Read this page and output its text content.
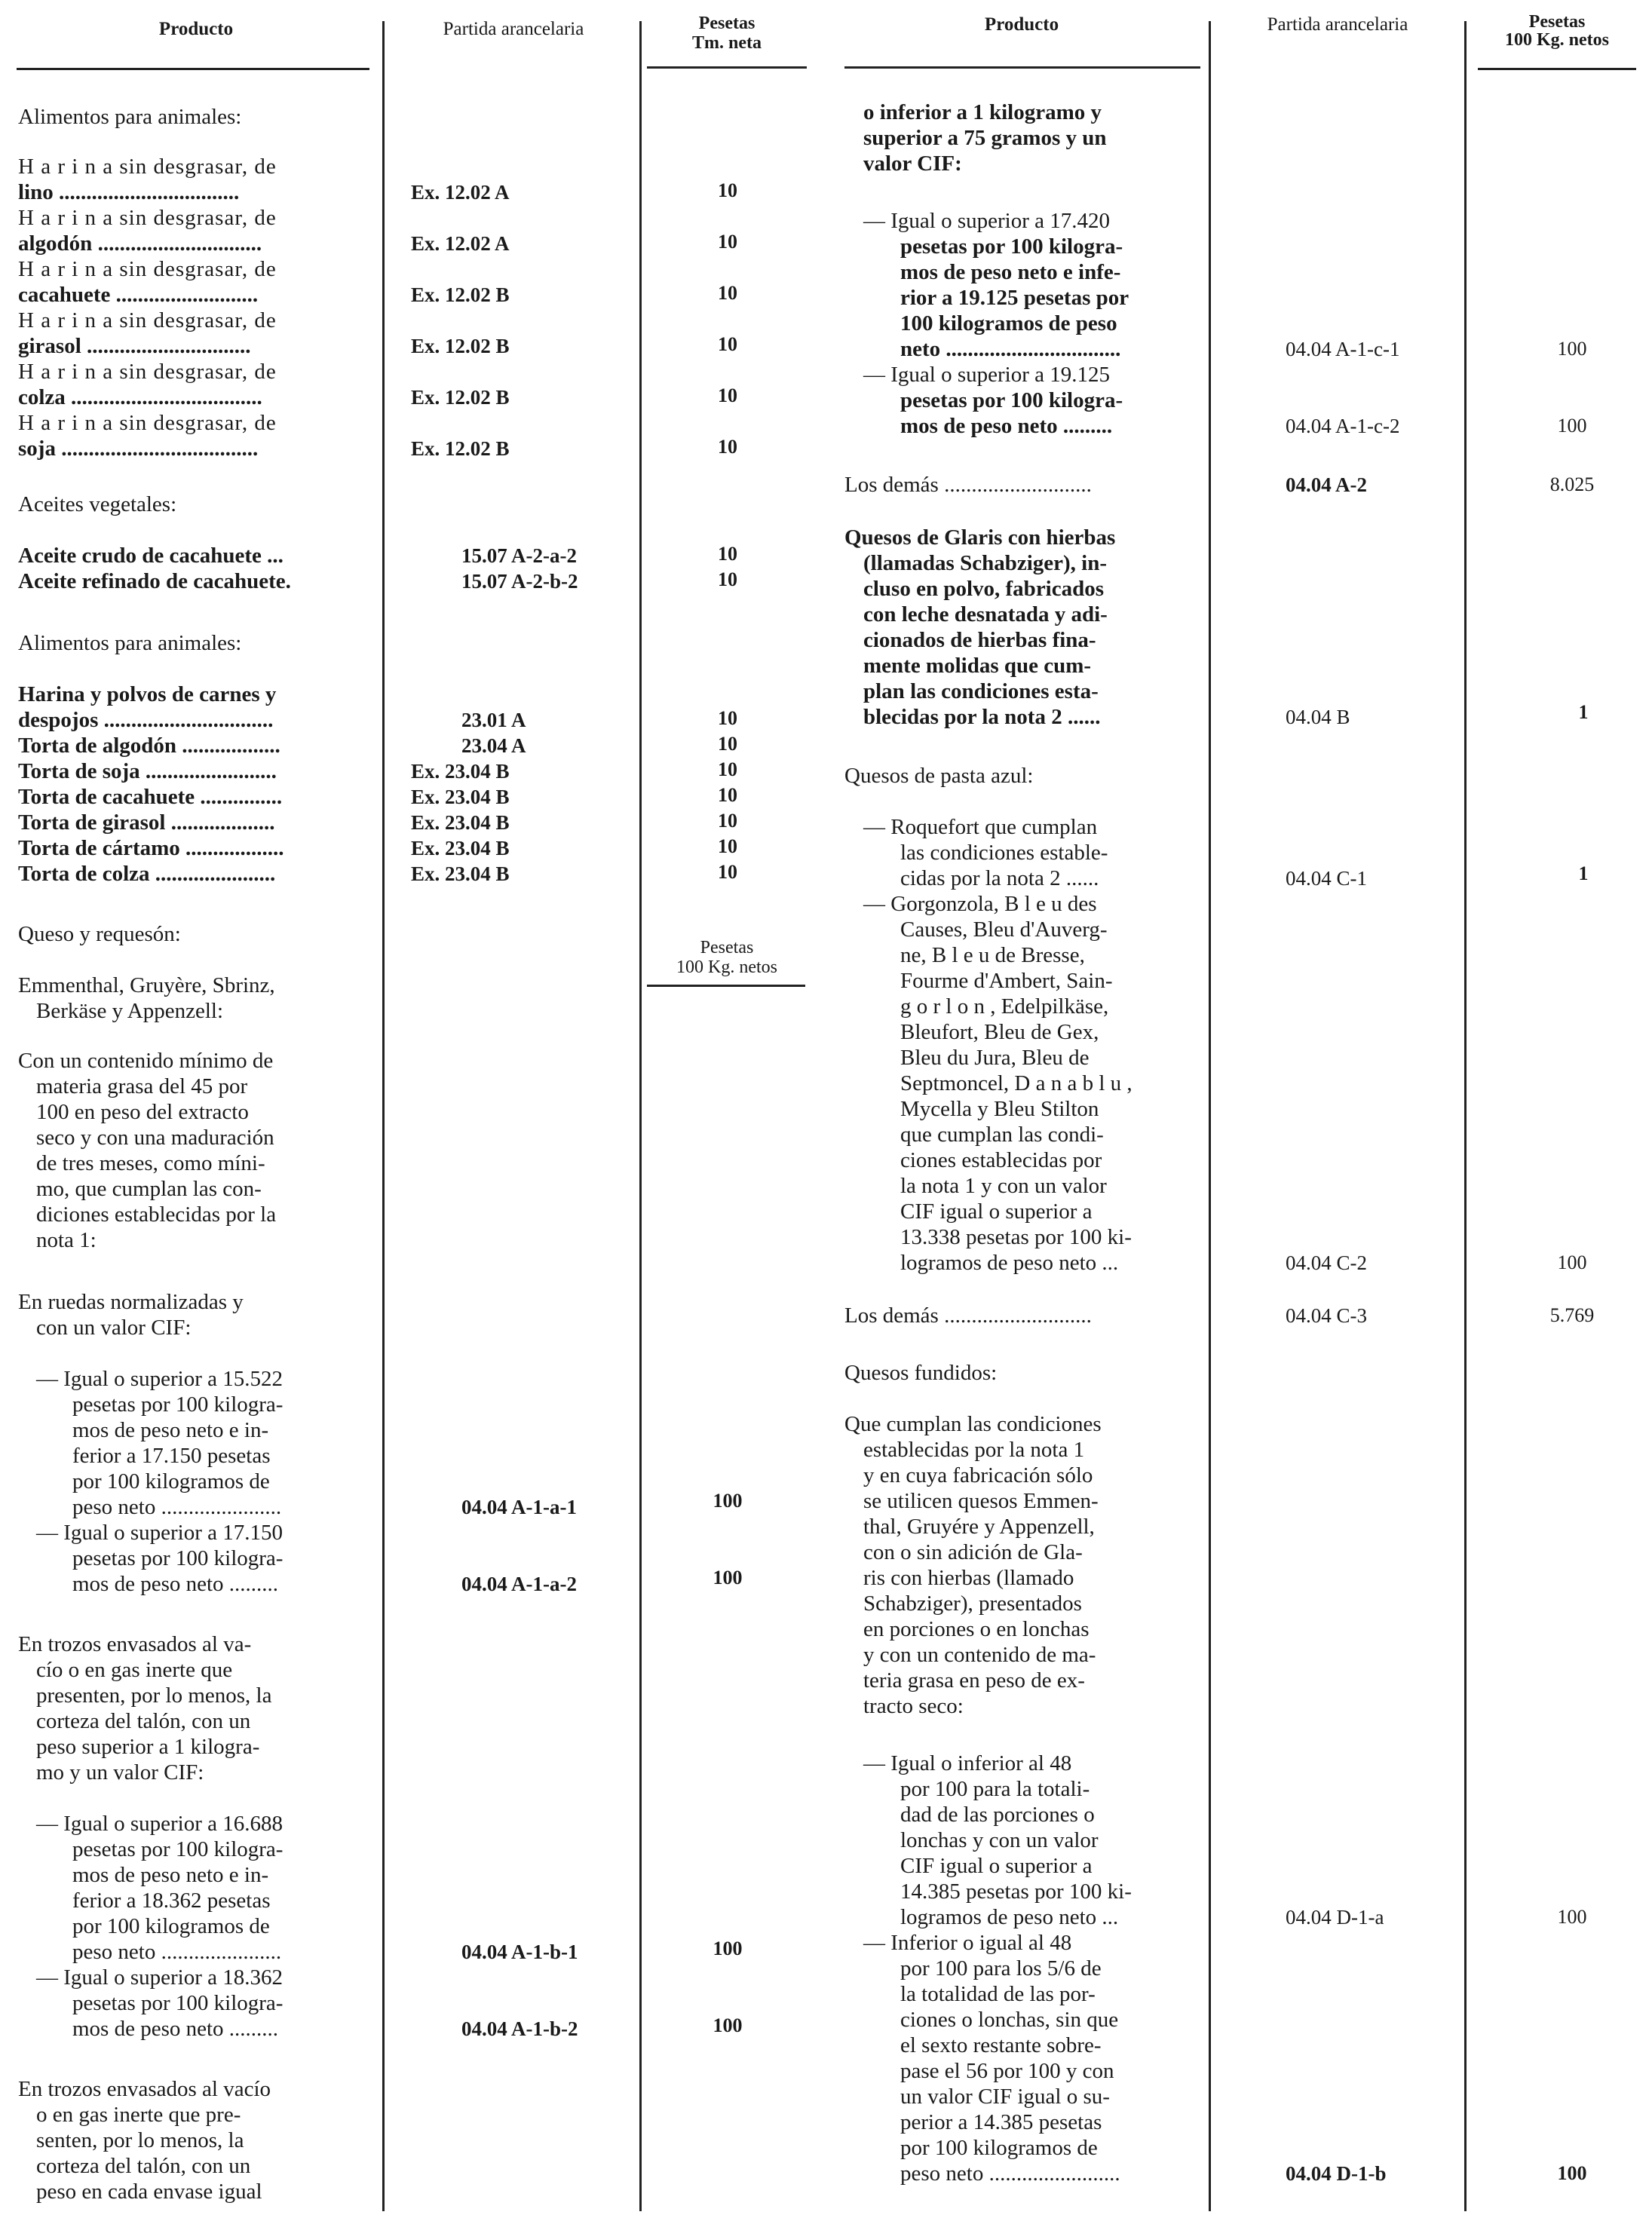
Producto	Partida arancelaria	Pesetas
Tm. neta
Producto	Partida arancelaria	Pesetas
100 Kg. netos
Pesetas
100 Kg. netos
Alimentos para animales:
H a r i n a sin desgrasar, de
lino .................................	Ex. 12.02 A	10
H a r i n a sin desgrasar, de
algodón ..............................	Ex. 12.02 A	10
H a r i n a sin desgrasar, de
cacahuete ..........................	Ex. 12.02 B	10
H a r i n a sin desgrasar, de
girasol ..............................	Ex. 12.02 B	10
H a r i n a sin desgrasar, de
colza ...................................	Ex. 12.02 B	10
H a r i n a sin desgrasar, de
soja ....................................	Ex. 12.02 B	10
Aceites vegetales:
Aceite crudo de cacahuete ...	15.07 A-2-a-2	10
Aceite refinado de cacahuete.	15.07 A-2-b-2	10
Alimentos para animales:
Harina y polvos de carnes y
despojos ...............................	23.01 A	10
Torta de algodón ..................	23.04 A	10
Torta de soja ........................	Ex. 23.04 B	10
Torta de cacahuete ...............	Ex. 23.04 B	10
Torta de girasol ...................	Ex. 23.04 B	10
Torta de cártamo ..................	Ex. 23.04 B	10
Torta de colza ......................	Ex. 23.04 B	10
Queso y requesón:
Emmenthal, Gruyère, Sbrinz,
Berkäse y Appenzell:
Con un contenido mínimo de
materia grasa del 45 por
100 en peso del extracto
seco y con una maduración
de tres meses, como míni-
mo, que cumplan las con-
diciones establecidas por la
nota 1:
En ruedas normalizadas y
con un valor CIF:
— Igual o superior a 15.522
pesetas por 100 kilogra-
mos de peso neto e in-
ferior a 17.150 pesetas
por 100 kilogramos de
peso neto ......................	04.04 A-1-a-1	100
— Igual o superior a 17.150
pesetas por 100 kilogra-
mos de peso neto .........	04.04 A-1-a-2	100
En trozos envasados al va-
cío o en gas inerte que
presenten, por lo menos, la
corteza del talón, con un
peso superior a 1 kilogra-
mo y un valor CIF:
— Igual o superior a 16.688
pesetas por 100 kilogra-
mos de peso neto e in-
ferior a 18.362 pesetas
por 100 kilogramos de
peso neto ......................	04.04 A-1-b-1	100
— Igual o superior a 18.362
pesetas por 100 kilogra-
mos de peso neto .........	04.04 A-1-b-2	100
En trozos envasados al vacío
o en gas inerte que pre-
senten, por lo menos, la
corteza del talón, con un
peso en cada envase igual
o inferior a 1 kilogramo y
superior a 75 gramos y un
valor CIF:
— Igual o superior a 17.420
pesetas por 100 kilogra-
mos de peso neto e infe-
rior a 19.125 pesetas por
100 kilogramos de peso
neto ................................	04.04 A-1-c-1	100
— Igual o superior a 19.125
pesetas por 100 kilogra-
mos de peso neto .........	04.04 A-1-c-2	100
Los demás ...........................	04.04 A-2	8.025
Quesos de Glaris con hierbas
(llamadas Schabziger), in-
cluso en polvo, fabricados
con leche desnatada y adi-
cionados de hierbas fina-
mente molidas que cum-
plan las condiciones esta-
blecidas por la nota 2 ......	04.04 B	1
Quesos de pasta azul:
— Roquefort que cumplan
las condiciones estable-
cidas por la nota 2 ......	04.04 C-1	1
— Gorgonzola, B l e u des
Causes, Bleu d'Auverg-
ne, B l e u de Bresse,
Fourme d'Ambert, Sain-
g o r l o n , Edelpilkäse,
Bleufort, Bleu de Gex,
Bleu du Jura, Bleu de
Septmoncel, D a n a b l u ,
Mycella y Bleu Stilton
que cumplan las condi-
ciones establecidas por
la nota 1 y con un valor
CIF igual o superior a
13.338 pesetas por 100 ki-
logramos de peso neto ...	04.04 C-2	100
Los demás ...........................	04.04 C-3	5.769
Quesos fundidos:
Que cumplan las condiciones
establecidas por la nota 1
y en cuya fabricación sólo
se utilicen quesos Emmen-
thal, Gruyére y Appenzell,
con o sin adición de Gla-
ris con hierbas (llamado
Schabziger), presentados
en porciones o en lonchas
y con un contenido de ma-
teria grasa en peso de ex-
tracto seco:
— Igual o inferior al 48
por 100 para la totali-
dad de las porciones o
lonchas y con un valor
CIF igual o superior a
14.385 pesetas por 100 ki-
logramos de peso neto ...	04.04 D-1-a	100
— Inferior o igual al 48
por 100 para los 5/6 de
la totalidad de las por-
ciones o lonchas, sin que
el sexto restante sobre-
pase el 56 por 100 y con
un valor CIF igual o su-
perior a 14.385 pesetas
por 100 kilogramos de
peso neto ........................	04.04 D-1-b	100
